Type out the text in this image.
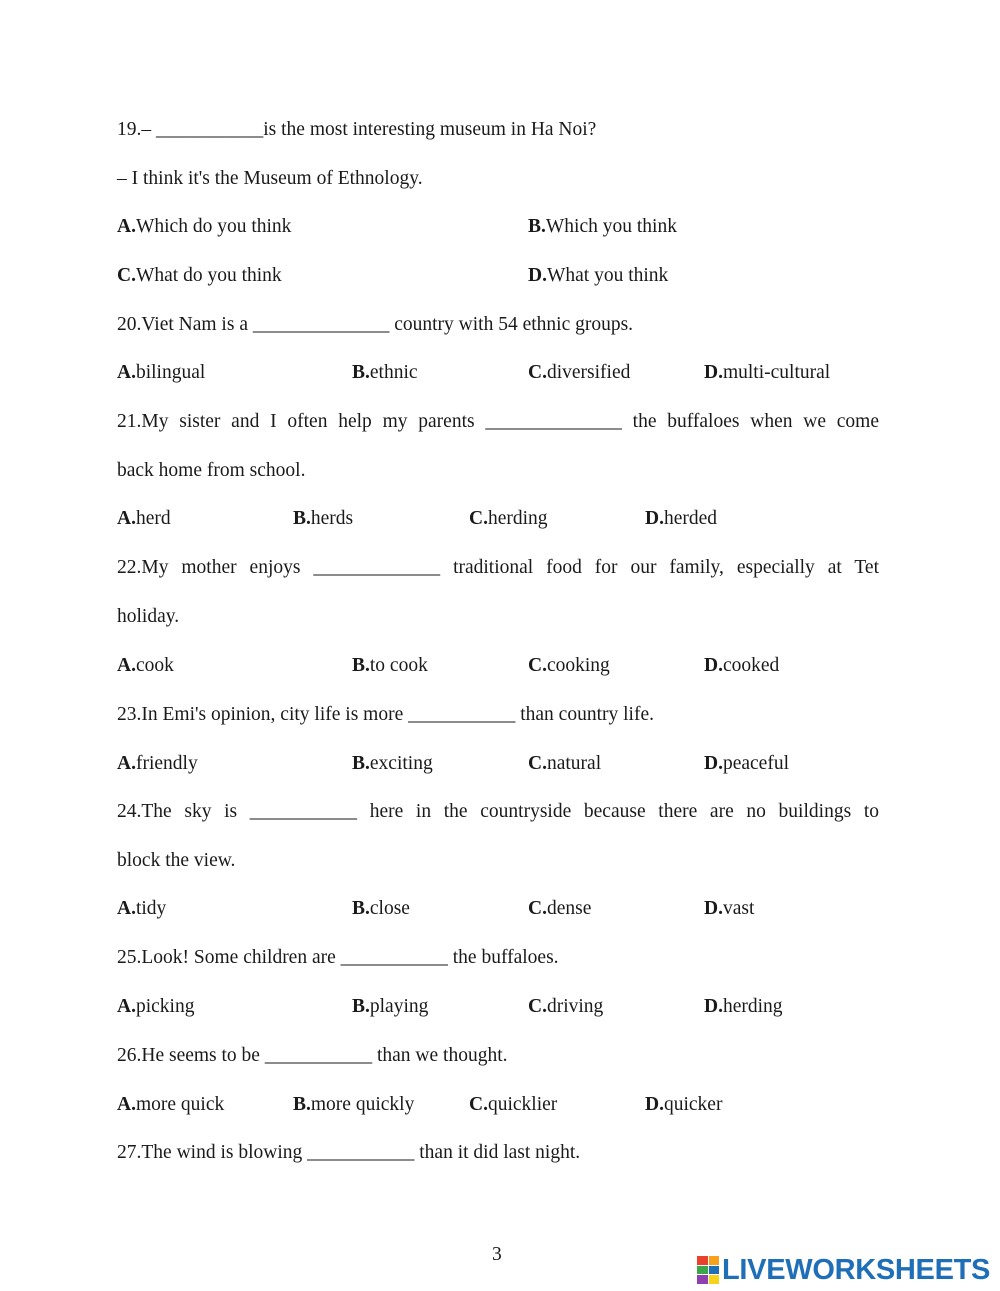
19.– ___________is the most interesting museum in Ha Noi?
– I think it's the Museum of Ethnology.
A.Which do you think	B.Which you think
C.What do you think	D.What you think
20.Viet Nam is a ______________ country with 54 ethnic groups.
A.bilingual	B.ethnic	C.diversified	D.multi-cultural
21.My sister and I often help my parents ______________ the buffaloes when we come
back home from school.
A.herd	B.herds	C.herding	D.herded
22.My mother enjoys _____________ traditional food for our family, especially at Tet
holiday.
A.cook	B.to cook	C.cooking	D.cooked
23.In Emi's opinion, city life is more ___________ than country life.
A.friendly	B.exciting	C.natural	D.peaceful
24.The sky is ___________ here in the countryside because there are no buildings to
block the view.
A.tidy	B.close	C.dense	D.vast
25.Look! Some children are ___________ the buffaloes.
A.picking	B.playing	C.driving	D.herding
26.He seems to be ___________ than we thought.
A.more quick	B.more quickly	C.quicklier	D.quicker
27.The wind is blowing ___________ than it did last night.
3	LIVEWORKSHEETS
